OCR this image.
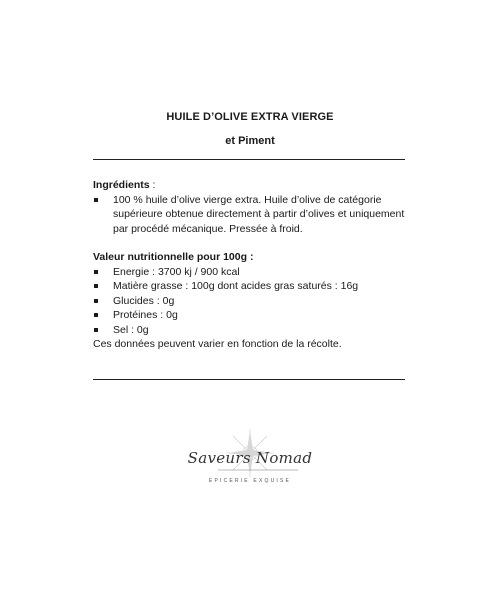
HUILE D’OLIVE EXTRA VIERGE
et Piment

Ingrédients :

100 % huile d’olive vierge extra. Huile d’olive de catégorie supérieure obtenue directement à partir d’olives et uniquement par procédé mécanique. Pressée à froid.

Valeur nutritionnelle pour 100g :

Energie : 3700 kj / 900 kcal
Matière grasse : 100g dont acides gras saturés : 16g
Glucides : 0g
Protéines : 0g
Sel : 0g

Ces données peuvent varier en fonction de la récolte.

Saveurs Nomad
EPICERIE EXQUISE
